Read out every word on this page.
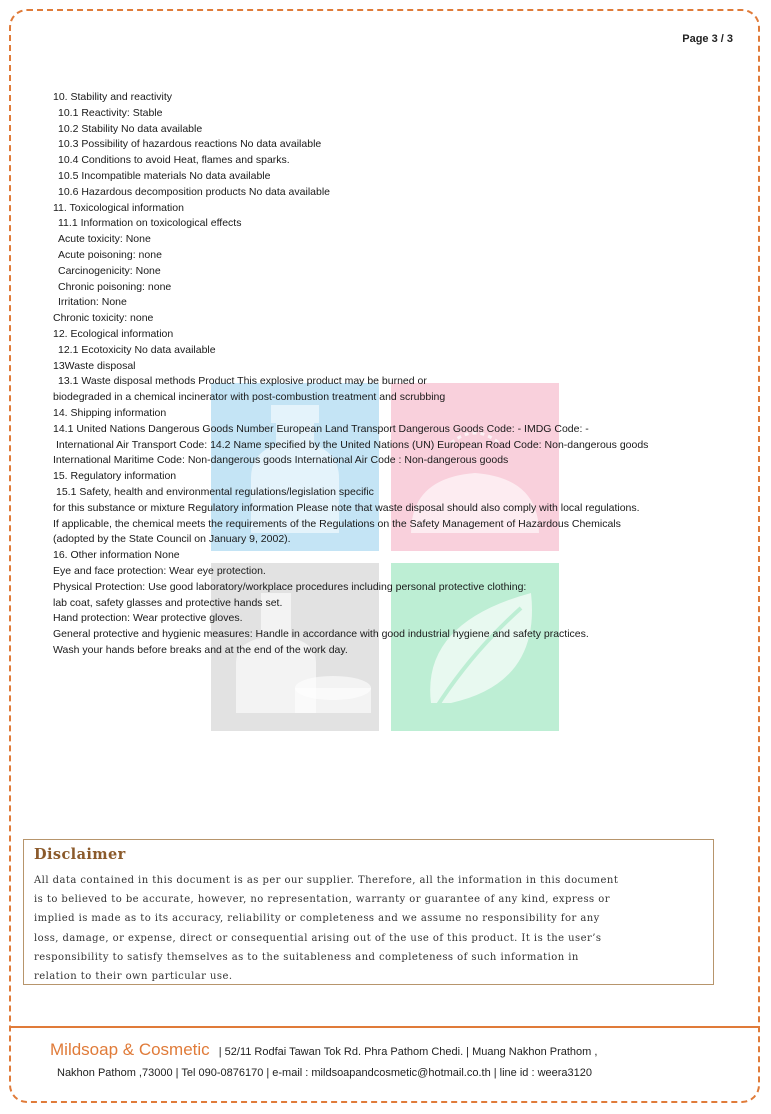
Page 3 / 3
10. Stability and reactivity
10.1 Reactivity: Stable
10.2 Stability No data available
10.3 Possibility of hazardous reactions No data available
10.4 Conditions to avoid Heat, flames and sparks.
10.5 Incompatible materials No data available
10.6 Hazardous decomposition products No data available
11. Toxicological information
11.1 Information on toxicological effects
Acute toxicity: None
Acute poisoning: none
Carcinogenicity: None
Chronic poisoning: none
Irritation: None
Chronic toxicity: none
12. Ecological information
12.1 Ecotoxicity No data available
13Waste disposal
13.1 Waste disposal methods Product This explosive product may be burned or
biodegraded in a chemical incinerator with post-combustion treatment and scrubbing
14. Shipping information
14.1 United Nations Dangerous Goods Number European Land Transport Dangerous Goods Code: - IMDG Code: -
International Air Transport Code: 14.2 Name specified by the United Nations (UN) European Road Code: Non-dangerous goods
International Maritime Code: Non-dangerous goods International Air Code : Non-dangerous goods
15. Regulatory information
15.1 Safety, health and environmental regulations/legislation specific
for this substance or mixture Regulatory information Please note that waste disposal should also comply with local regulations.
If applicable, the chemical meets the requirements of the Regulations on the Safety Management of Hazardous Chemicals
(adopted by the State Council on January 9, 2002).
16. Other information None
Eye and face protection: Wear eye protection.
Physical Protection: Use good laboratory/workplace procedures including personal protective clothing:
lab coat, safety glasses and protective hands set.
Hand protection: Wear protective gloves.
General protective and hygienic measures: Handle in accordance with good industrial hygiene and safety practices.
Wash your hands before breaks and at the end of the work day.
Disclaimer
All data contained in this document is as per our supplier. Therefore, all the information in this document
is to believed to be accurate, however, no representation, warranty or guarantee of any kind, express or
implied is made as to its accuracy, reliability or completeness and we assume no responsibility for any
loss, damage, or expense, direct or consequential arising out of the use of this product. It is the user’s
responsibility to satisfy themselves as to the suitableness and completeness of such information in
relation to their own particular use.
Mildsoap & Cosmetic | 52/11 Rodfai Tawan Tok Rd. Phra Pathom Chedi. | Muang Nakhon Prathom ,
Nakhon Pathom ,73000 | Tel 090-0876170 | e-mail : mildsoapandcosmetic@hotmail.co.th | line id : weera3120
